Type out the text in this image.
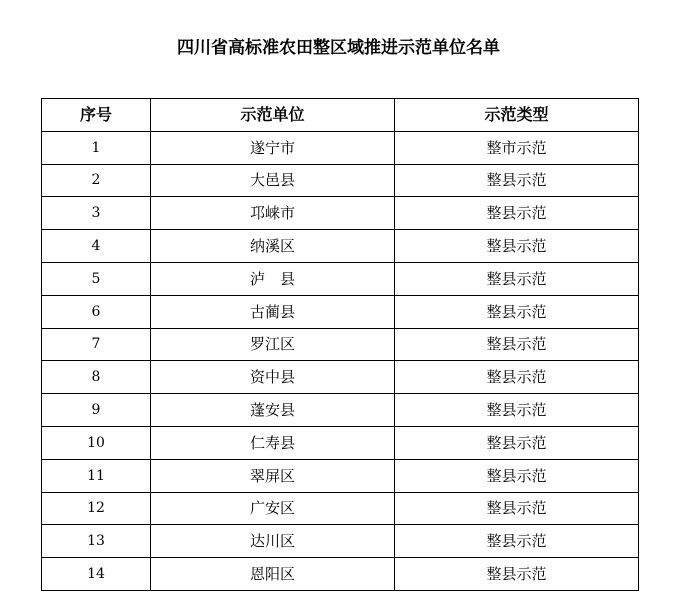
四川省高标准农田整区域推进示范单位名单
序号	示范单位	示范类型
1	遂宁市	整市示范
2	大邑县	整县示范
3	邛崃市	整县示范
4	纳溪区	整县示范
5	泸　县	整县示范
6	古蔺县	整县示范
7	罗江区	整县示范
8	资中县	整县示范
9	蓬安县	整县示范
10	仁寿县	整县示范
11	翠屏区	整县示范
12	广安区	整县示范
13	达川区	整县示范
14	恩阳区	整县示范
